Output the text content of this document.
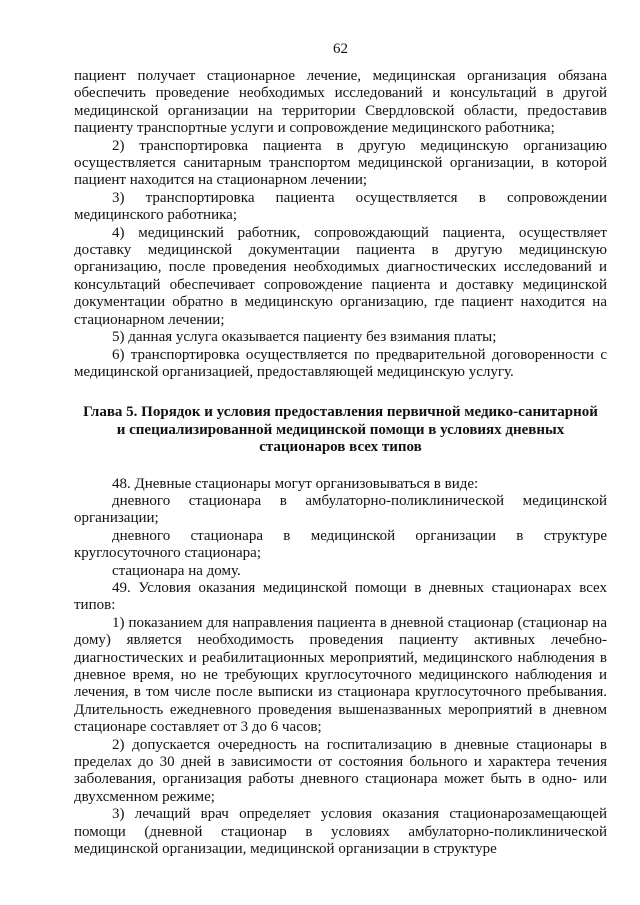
62

пациент получает стационарное лечение, медицинская организация обязана обеспечить проведение необходимых исследований и консультаций в другой медицинской организации на территории Свердловской области, предоставив пациенту транспортные услуги и сопровождение медицинского работника;

2) транспортировка пациента в другую медицинскую организацию осуществляется санитарным транспортом медицинской организации, в которой пациент находится на стационарном лечении;

3) транспортировка пациента осуществляется в сопровождении медицинского работника;

4) медицинский работник, сопровождающий пациента, осуществляет доставку медицинской документации пациента в другую медицинскую организацию, после проведения необходимых диагностических исследований и консультаций обеспечивает сопровождение пациента и доставку медицинской документации обратно в медицинскую организацию, где пациент находится на стационарном лечении;

5) данная услуга оказывается пациенту без взимания платы;

6) транспортировка осуществляется по предварительной договоренности с медицинской организацией, предоставляющей медицинскую услугу.

Глава 5. Порядок и условия предоставления первичной медико-санитарной и специализированной медицинской помощи в условиях дневных стационаров всех типов

48. Дневные стационары могут организовываться в виде:

дневного стационара в амбулаторно-поликлинической медицинской организации;

дневного стационара в медицинской организации в структуре круглосуточного стационара;

стационара на дому.

49. Условия оказания медицинской помощи в дневных стационарах всех типов:

1) показанием для направления пациента в дневной стационар (стационар на дому) является необходимость проведения пациенту активных лечебно-диагностических и реабилитационных мероприятий, медицинского наблюдения в дневное время, но не требующих круглосуточного медицинского наблюдения и лечения, в том числе после выписки из стационара круглосуточного пребывания. Длительность ежедневного проведения вышеназванных мероприятий в дневном стационаре составляет от 3 до 6 часов;

2) допускается очередность на госпитализацию в дневные стационары в пределах до 30 дней в зависимости от состояния больного и характера течения заболевания, организация работы дневного стационара может быть в одно- или двухсменном режиме;

3) лечащий врач определяет условия оказания стационарозамещающей помощи (дневной стационар в условиях амбулаторно-поликлинической медицинской организации, медицинской организации в структуре
